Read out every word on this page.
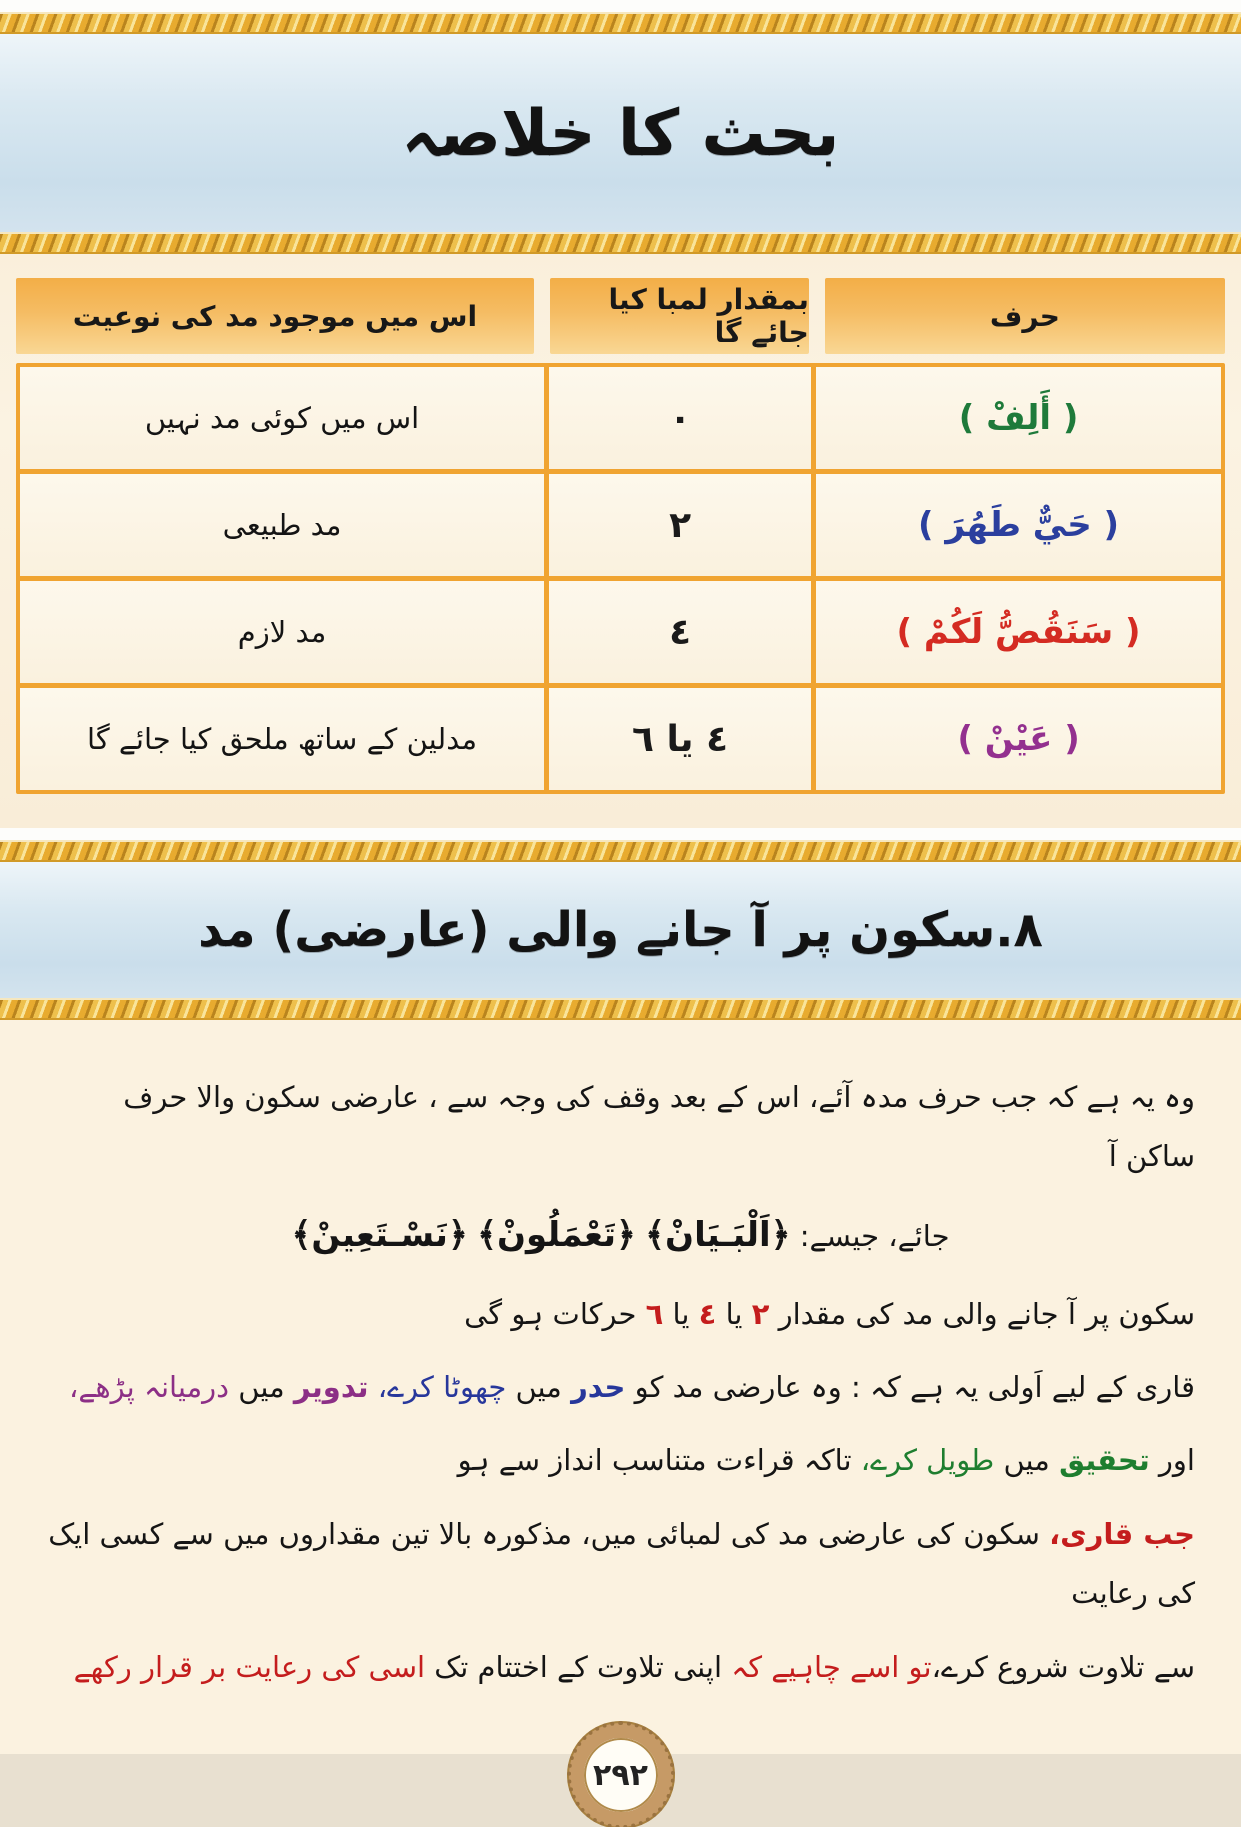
بحث کا خلاصہ
حرف
بمقدار لمبا کیا جائے گا
اس میں موجود مد کی نوعیت
( أَلِفْ )
٠
اس میں کوئی مد نہیں
( حَيٌّ طَهُرَ )
٢
مد طبیعی
( سَنَقُصُّ لَكُمْ )
٤
مد لازم
( عَيْنْ )
٤ یا ٦
مدلین کے ساتھ ملحق کیا جائے گا
٨.سکون پر آ جانے والی (عارضی) مد
وہ یہ ہے کہ جب حرف مدہ آئے، اس کے بعد وقف کی وجہ سے ، عارضی سکون والا حرف ساکن آ
جائے، جیسے: ﴿اَلْبَـيَانْ﴾ ﴿تَعْمَلُونْ﴾ ﴿نَسْـتَعِينْ﴾
سکون پر آ جانے والی مد کی مقدار ٢ یا ٤ یا ٦ حرکات ہو گی
قاری کے لیے اَولی یہ ہے کہ : وہ عارضی مد کو حدر میں چھوٹا کرے، تدویر میں درمیانہ پڑھے،
اور تحقیق میں طویل کرے، تاکہ قراءت متناسب انداز سے ہو
جب قاری، سکون کی عارضی مد کی لمبائی میں، مذکورہ بالا تین مقداروں میں سے کسی ایک کی رعایت
سے تلاوت شروع کرے،تو اسے چاہیے کہ اپنی تلاوت کے اختتام تک اسی کی رعایت بر قرار رکھے
٢٩٢
